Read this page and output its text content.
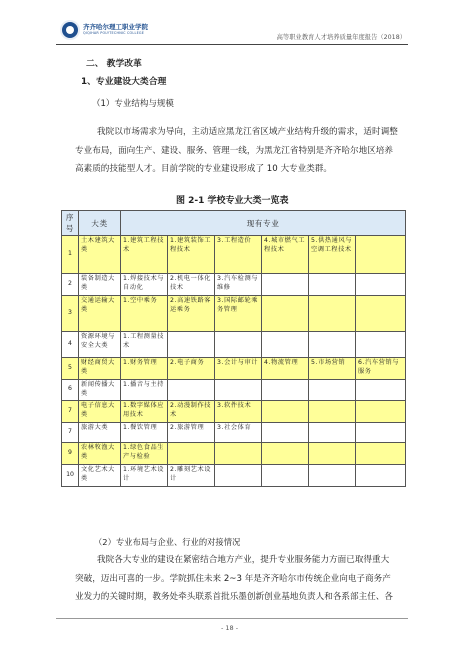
齐齐哈尔理工职业学院
QIQIHAR POLYTECHNIC COLLEGE
高等职业教育人才培养质量年度报告（2018）
二、 教学改革
1、专业建设大类合理
（1）专业结构与规模
我院以市场需求为导向，主动适应黑龙江省区域产业结构升级的需求，适时调整
专业布局，面向生产、建设、服务、管理一线，为黑龙江省特别是齐齐哈尔地区培养
高素质的技能型人才。目前学院的专业建设形成了 10 大专业类群。
图 2-1 学校专业大类一览表
序号	大类	现有专业					
1	土木建筑大类	1.建筑工程技术	1.建筑装饰工程技术	3.工程造价	4.城市燃气工程技术	5.供热通风与空调工程技术	
2	装备制造大类	1.焊接技术与自动化	2.机电一体化技术	3.汽车检测与维修			
3	交通运输大类	1.空中乘务	2.高速铁路客运乘务	3.国际邮轮乘务管理			
4	资源环境与安全大类	1.工程测量技术					
5	财经商贸大类	1.财务管理	2.电子商务	3.会计与审计	4.物流管理	5.市场营销	6.汽车营销与服务
6	新闻传播大类	1.播音与主持					
7	电子信息大类	1.数字媒体应用技术	2.动漫制作技术	3.软件技术			
7	旅游大类	1.餐饮管理	2.旅游管理	3.社会体育			
9	农林牧渔大类	1.绿色食品生产与检验					
10	文化艺术大类	1.环境艺术设计	2.雕刻艺术设计				
（2）专业布局与企业、行业的对接情况
我院各大专业的建设在紧密结合地方产业，提升专业服务能力方面已取得重大
突破，迈出可喜的一步。学院抓住未来 2~3 年是齐齐哈尔市传统企业向电子商务产
业发力的关键时期，教务处牵头联系首批乐墨创新创业基地负责人和各系部主任、各
- 18 -
